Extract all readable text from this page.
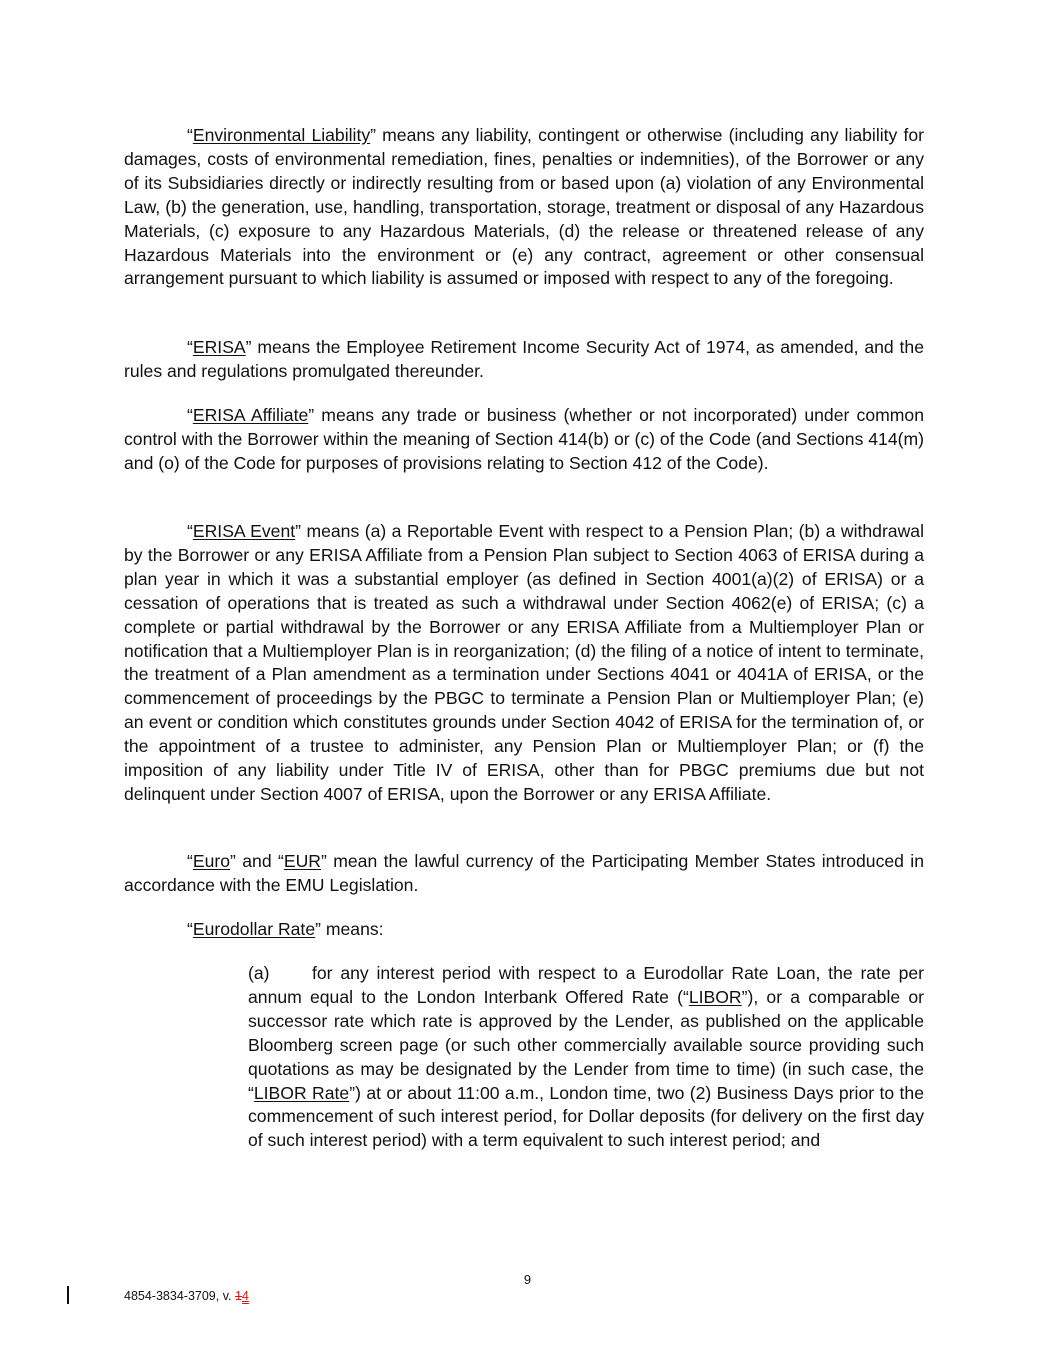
“Environmental Liability” means any liability, contingent or otherwise (including any liability for damages, costs of environmental remediation, fines, penalties or indemnities), of the Borrower or any of its Subsidiaries directly or indirectly resulting from or based upon (a) violation of any Environmental Law, (b) the generation, use, handling, transportation, storage, treatment or disposal of any Hazardous Materials, (c) exposure to any Hazardous Materials, (d) the release or threatened release of any Hazardous Materials into the environment or (e) any contract, agreement or other consensual arrangement pursuant to which liability is assumed or imposed with respect to any of the foregoing.

“ERISA” means the Employee Retirement Income Security Act of 1974, as amended, and the rules and regulations promulgated thereunder.

“ERISA Affiliate” means any trade or business (whether or not incorporated) under common control with the Borrower within the meaning of Section 414(b) or (c) of the Code (and Sections 414(m) and (o) of the Code for purposes of provisions relating to Section 412 of the Code).

“ERISA Event” means (a) a Reportable Event with respect to a Pension Plan; (b) a withdrawal by the Borrower or any ERISA Affiliate from a Pension Plan subject to Section 4063 of ERISA during a plan year in which it was a substantial employer (as defined in Section 4001(a)(2) of ERISA) or a cessation of operations that is treated as such a withdrawal under Section 4062(e) of ERISA; (c) a complete or partial withdrawal by the Borrower or any ERISA Affiliate from a Multiemployer Plan or notification that a Multiemployer Plan is in reorganization; (d) the filing of a notice of intent to terminate, the treatment of a Plan amendment as a termination under Sections 4041 or 4041A of ERISA, or the commencement of proceedings by the PBGC to terminate a Pension Plan or Multiemployer Plan; (e) an event or condition which constitutes grounds under Section 4042 of ERISA for the termination of, or the appointment of a trustee to administer, any Pension Plan or Multiemployer Plan; or (f) the imposition of any liability under Title IV of ERISA, other than for PBGC premiums due but not delinquent under Section 4007 of ERISA, upon the Borrower or any ERISA Affiliate.

“Euro” and “EUR” mean the lawful currency of the Participating Member States introduced in accordance with the EMU Legislation.

“Eurodollar Rate” means:

(a) for any interest period with respect to a Eurodollar Rate Loan, the rate per annum equal to the London Interbank Offered Rate (“LIBOR”), or a comparable or successor rate which rate is approved by the Lender, as published on the applicable Bloomberg screen page (or such other commercially available source providing such quotations as may be designated by the Lender from time to time) (in such case, the “LIBOR Rate”) at or about 11:00 a.m., London time, two (2) Business Days prior to the commencement of such interest period, for Dollar deposits (for delivery on the first day of such interest period) with a term equivalent to such interest period; and

9
4854-3834-3709, v. 14
